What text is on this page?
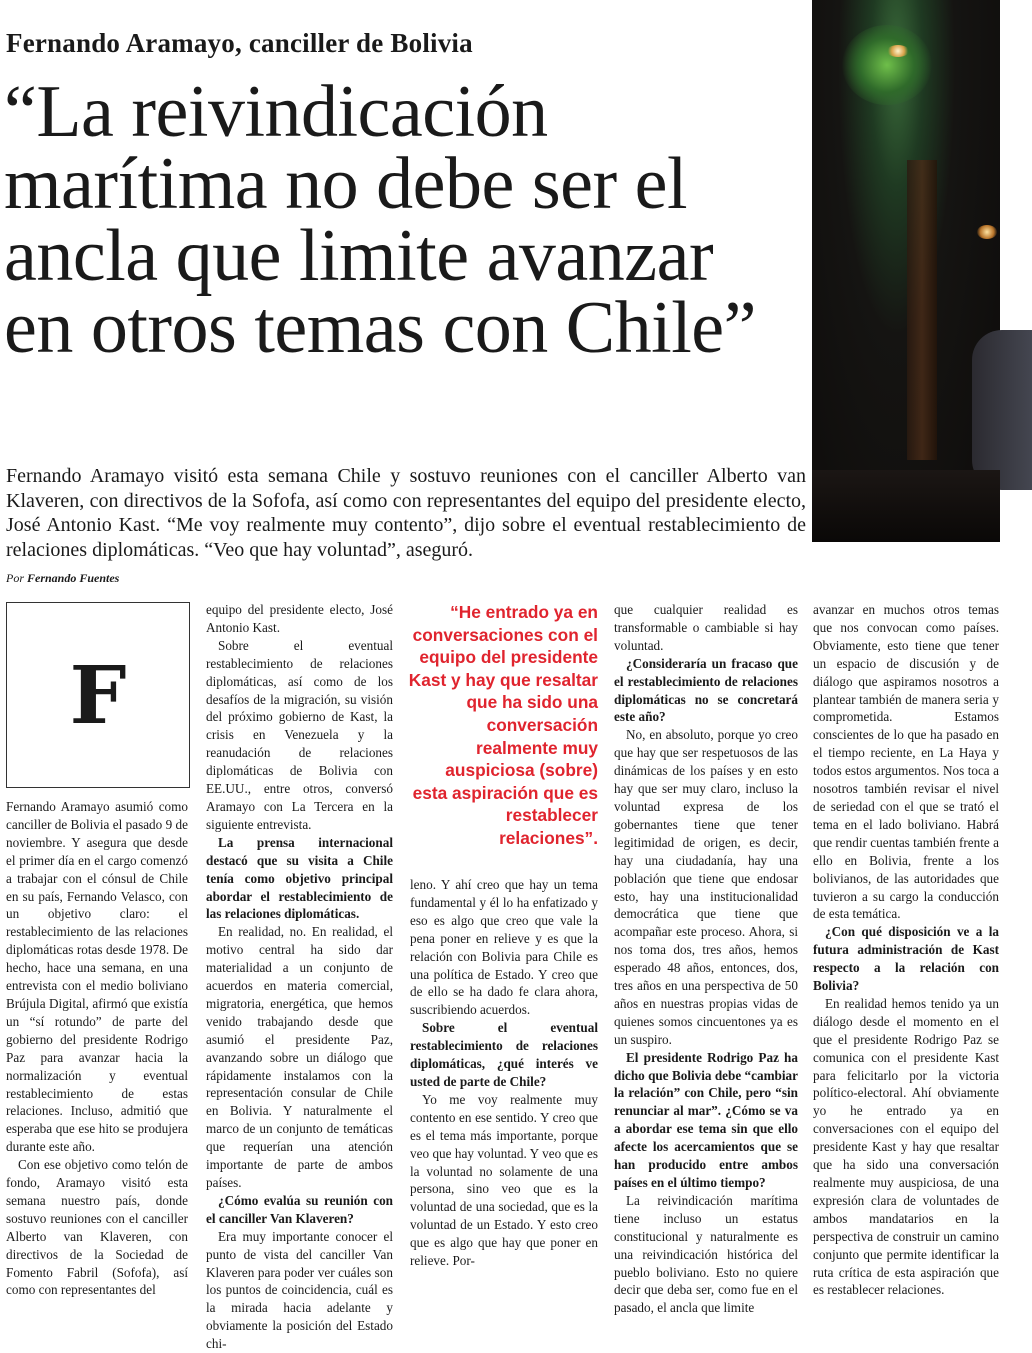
Fernando Aramayo, canciller de Bolivia
“La reivindicación marítima no debe ser el ancla que limite avanzar en otros temas con Chile”

Fernando Aramayo visitó esta semana Chile y sostuvo reuniones con el canciller Alberto van Klaveren, con directivos de la Sofofa, así como con representantes del equipo del presidente electo, José Antonio Kast. “Me voy realmente muy contento”, dijo sobre el eventual restablecimiento de relaciones diplomáticas. “Veo que hay voluntad”, aseguró.

Por Fernando Fuentes
F

Fernando Aramayo asumió como canciller de Bolivia el pasado 9 de noviembre. Y asegura que desde el primer día en el cargo comenzó a trabajar con el cónsul de Chile en su país, Fernando Velasco, con un objetivo claro: el restablecimiento de las relaciones diplomáticas rotas desde 1978. De hecho, hace una semana, en una entrevista con el medio boliviano Brújula Digital, afirmó que existía un “sí rotundo” de parte del gobierno del presidente Rodrigo Paz para avanzar hacia la normalización y eventual restablecimiento de estas relaciones. Incluso, admitió que esperaba que ese hito se produjera durante este año.

Con ese objetivo como telón de fondo, Aramayo visitó esta semana nuestro país, donde sostuvo reuniones con el canciller Alberto van Klaveren, con directivos de la Sociedad de Fomento Fabril (Sofofa), así como con representantes del

equipo del presidente electo, José Antonio Kast.

Sobre el eventual restablecimiento de relaciones diplomáticas, así como de los desafíos de la migración, su visión del próximo gobierno de Kast, la crisis en Venezuela y la reanudación de relaciones diplomáticas de Bolivia con EE.UU., entre otros, conversó Aramayo con La Tercera en la siguiente entrevista.

La prensa internacional destacó que su visita a Chile tenía como objetivo principal abordar el restablecimiento de las relaciones diplomáticas.

En realidad, no. En realidad, el motivo central ha sido dar materialidad a un conjunto de acuerdos en materia comercial, migratoria, energética, que hemos venido trabajando desde que asumió el presidente Paz, avanzando sobre un diálogo que rápidamente instalamos con la representación consular de Chile en Bolivia. Y naturalmente el marco de un conjunto de temáticas que requerían una atención importante de parte de ambos países.

¿Cómo evalúa su reunión con el canciller Van Klaveren?

Era muy importante conocer el punto de vista del canciller Van Klaveren para poder ver cuáles son los puntos de coincidencia, cuál es la mirada hacia adelante y obviamente la posición del Estado chi-

“He entrado ya en conversaciones con el equipo del presidente Kast y hay que resaltar que ha sido una conversación realmente muy auspiciosa (sobre) esta aspiración que es restablecer relaciones”.

leno. Y ahí creo que hay un tema fundamental y él lo ha enfatizado y eso es algo que creo que vale la pena poner en relieve y es que la relación con Bolivia para Chile es una política de Estado. Y creo que de ello se ha dado fe clara ahora, suscribiendo acuerdos.

Sobre el eventual restablecimiento de relaciones diplomáticas, ¿qué interés ve usted de parte de Chile?

Yo me voy realmente muy contento en ese sentido. Y creo que es el tema más importante, porque veo que hay voluntad. Y veo que es la voluntad no solamente de una persona, sino veo que es la voluntad de una sociedad, que es la voluntad de un Estado. Y esto creo que es algo que hay que poner en relieve. Por-

que cualquier realidad es transformable o cambiable si hay voluntad.

¿Consideraría un fracaso que el restablecimiento de relaciones diplomáticas no se concretará este año?

No, en absoluto, porque yo creo que hay que ser respetuosos de las dinámicas de los países y en esto hay que ser muy claro, incluso la voluntad expresa de los gobernantes tiene que tener legitimidad de origen, es decir, hay una ciudadanía, hay una población que tiene que endosar esto, hay una institucionalidad democrática que tiene que acompañar este proceso. Ahora, si nos toma dos, tres años, hemos esperado 48 años, entonces, dos, tres años en una perspectiva de 50 años en nuestras propias vidas de quienes somos cincuentones ya es un suspiro.

El presidente Rodrigo Paz ha dicho que Bolivia debe “cambiar la relación” con Chile, pero “sin renunciar al mar”. ¿Cómo se va a abordar ese tema sin que ello afecte los acercamientos que se han producido entre ambos países en el último tiempo?

La reivindicación marítima tiene incluso un estatus constitucional y naturalmente es una reivindicación histórica del pueblo boliviano. Esto no quiere decir que deba ser, como fue en el pasado, el ancla que limite

avanzar en muchos otros temas que nos convocan como países. Obviamente, esto tiene que tener un espacio de discusión y de diálogo que aspiramos nosotros a plantear también de manera seria y comprometida. Estamos conscientes de lo que ha pasado en el tiempo reciente, en La Haya y todos estos argumentos. Nos toca a nosotros también revisar el nivel de seriedad con el que se trató el tema en el lado boliviano. Habrá que rendir cuentas también frente a ello en Bolivia, frente a los bolivianos, de las autoridades que tuvieron a su cargo la conducción de esta temática.

¿Con qué disposición ve a la futura administración de Kast respecto a la relación con Bolivia?

En realidad hemos tenido ya un diálogo desde el momento en el que el presidente Rodrigo Paz se comunica con el presidente Kast para felicitarlo por la victoria político-electoral. Ahí obviamente yo he entrado ya en conversaciones con el equipo del presidente Kast y hay que resaltar que ha sido una conversación realmente muy auspiciosa, de una expresión clara de voluntades de ambos mandatarios en la perspectiva de construir un camino conjunto que permite identificar la ruta crítica de esta aspiración que es restablecer relaciones.
